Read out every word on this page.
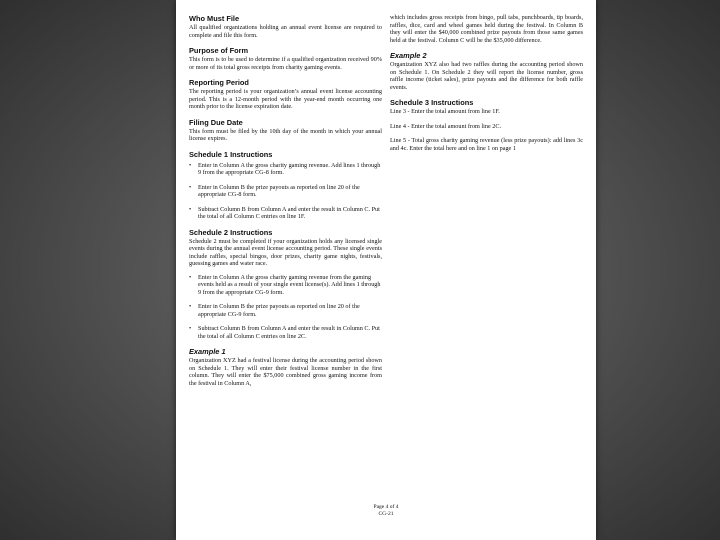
Who Must File

All qualified organizations holding an annual event license are required to complete and file this form.

Purpose of Form

This form is to be used to determine if a qualified organization received 90% or more of its total gross receipts from charity gaming events.

Reporting Period

The reporting period is your organization’s annual event license accounting period. This is a 12-month period with the year-end month occurring one month prior to the license expiration date.

Filing Due Date

This form must be filed by the 10th day of the month in which your annual license expires.

Schedule 1 Instructions
• Enter in Column A the gross charity gaming revenue. Add lines 1 through 9 from the appropriate CG-8 form.
• Enter in Column B the prize payouts as reported on line 20 of the appropriate CG-8 form.
• Subtract Column B from Column A and enter the result in Column C. Put the total of all Column C entries on line 1F.
Schedule 2 Instructions

Schedule 2 must be completed if your organization holds any licensed single events during the annual event license accounting period. These single events include raffles, special bingos, door prizes, charity game nights, festivals, guessing games and water race.

• Enter in Column A the gross charity gaming revenue from the gaming events held as a result of your single event license(s). Add lines 1 through 9 from the appropriate CG-9 form.
• Enter in Column B the prize payouts as reported on line 20 of the appropriate CG-9 form.
• Subtract Column B from Column A and enter the result in Column C. Put the total of all Column C entries on line 2C.
Example 1

Organization XYZ had a festival license during the accounting period shown on Schedule 1. They will enter their festival license number in the first column. They will enter the $75,000 combined gross gaming income from the festival in Column A,

which includes gross receipts from bingo, pull tabs, punchboards, tip boards, raffles, dice, card and wheel games held during the festival. In Column B they will enter the $40,000 combined prize payouts from those same games held at the festival. Column C will be the $35,000 difference.

Example 2

Organization XYZ also had two raffles during the accounting period shown on Schedule 1. On Schedule 2 they will report the license number, gross raffle income (ticket sales), prize payouts and the difference for both raffle events.

Schedule 3 Instructions

Line 3 - Enter the total amount from line 1F.

Line 4 - Enter the total amount from line 2C.

Line 5 - Total gross charity gaming revenue (less prize payouts): add lines 3c and 4c. Enter the total here and on line 1 on page 1

Page 4 of 4
CG-21
